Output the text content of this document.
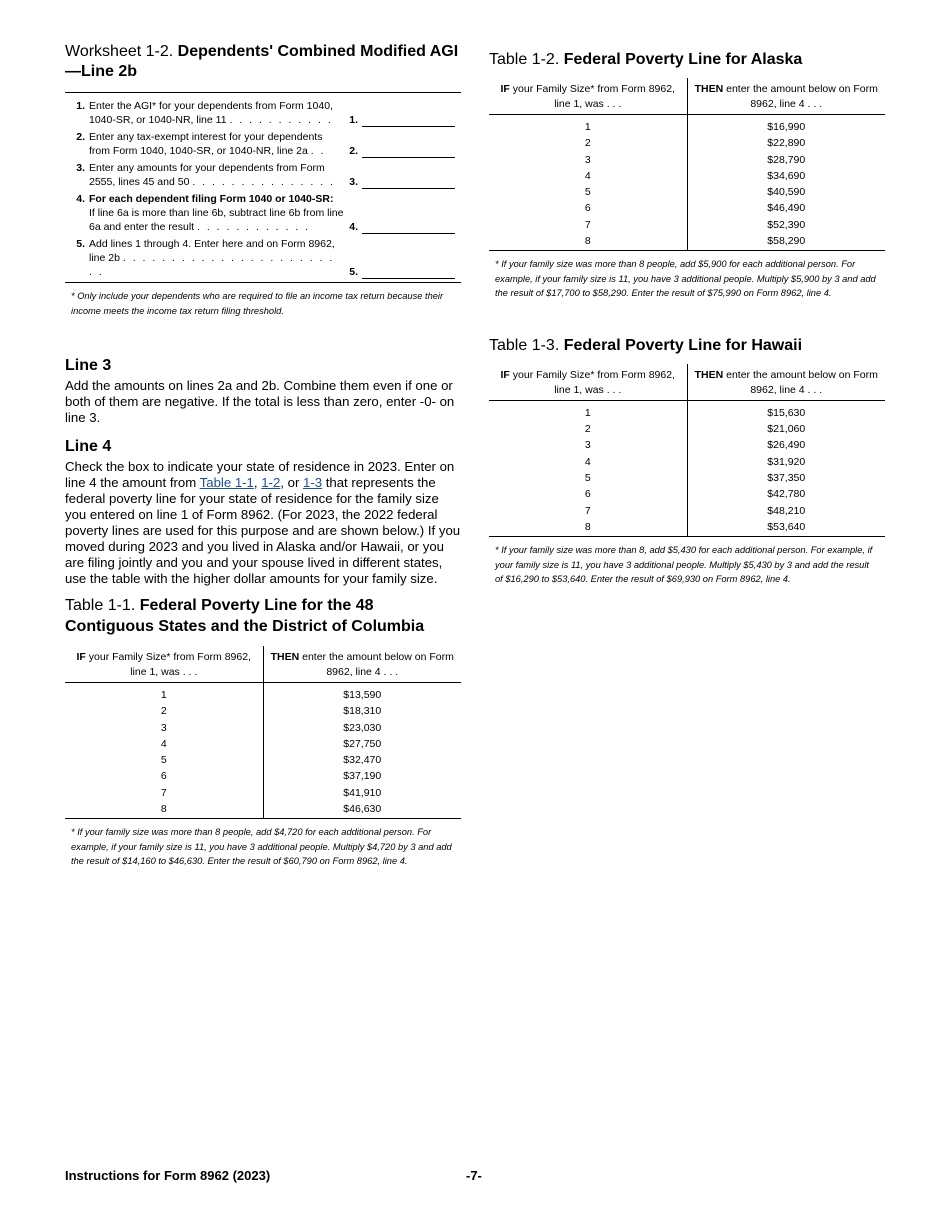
Worksheet 1-2. Dependents' Combined Modified AGI—Line 2b
1. Enter the AGI* for your dependents from Form 1040, 1040-SR, or 1040-NR, line 11 . . . . . . . . . . .	1.
2. Enter any tax-exempt interest for your dependents from Form 1040, 1040-SR, or 1040-NR, line 2a . .	2.
3. Enter any amounts for your dependents from Form 2555, lines 45 and 50 . . . . . . . . . . . . . . .	3.
4. For each dependent filing Form 1040 or 1040-SR:
If line 6a is more than line 6b, subtract line 6b from line 6a and enter the result . . . . . . . . . . . .	4.
5. Add lines 1 through 4. Enter here and on Form 8962, line 2b . . . . . . . . . . . . . . . . . . . . . . . .	5.
* Only include your dependents who are required to file an income tax return because their income meets the income tax return filing threshold.
Line 3

Add the amounts on lines 2a and 2b. Combine them even if one or both of them are negative. If the total is less than zero, enter -0- on line 3.

Line 4

Check the box to indicate your state of residence in 2023. Enter on line 4 the amount from Table 1-1, 1-2, or 1-3 that represents the federal poverty line for your state of residence for the family size you entered on line 1 of Form 8962. (For 2023, the 2022 federal poverty lines are used for this purpose and are shown below.) If you moved during 2023 and you lived in Alaska and/or Hawaii, or you are filing jointly and you and your spouse lived in different states, use the table with the higher dollar amounts for your family size.

Table 1-1. Federal Poverty Line for the 48 Contiguous States and the District of Columbia
IF your Family Size* from Form 8962, line 1, was . . .	THEN enter the amount below on Form 8962, line 4 . . .
1	$13,590
2	$18,310
3	$23,030
4	$27,750
5	$32,470
6	$37,190
7	$41,910
8	$46,630
* If your family size was more than 8 people, add $4,720 for each additional person. For example, if your family size is 11, you have 3 additional people. Multiply $4,720 by 3 and add the result of $14,160 to $46,630. Enter the result of $60,790 on Form 8962, line 4.
Table 1-2. Federal Poverty Line for Alaska
IF your Family Size* from Form 8962, line 1, was . . .	THEN enter the amount below on Form 8962, line 4 . . .
1	$16,990
2	$22,890
3	$28,790
4	$34,690
5	$40,590
6	$46,490
7	$52,390
8	$58,290
* If your family size was more than 8 people, add $5,900 for each additional person. For example, if your family size is 11, you have 3 additional people. Multiply $5,900 by 3 and add the result of $17,700 to $58,290. Enter the result of $75,990 on Form 8962, line 4.
Table 1-3. Federal Poverty Line for Hawaii
IF your Family Size* from Form 8962, line 1, was . . .	THEN enter the amount below on Form 8962, line 4 . . .
1	$15,630
2	$21,060
3	$26,490
4	$31,920
5	$37,350
6	$42,780
7	$48,210
8	$53,640
* If your family size was more than 8, add $5,430 for each additional person. For example, if your family size is 11, you have 3 additional people. Multiply $5,430 by 3 and add the result of $16,290 to $53,640. Enter the result of $69,930 on Form 8962, line 4.
Instructions for Form 8962 (2023)	-7-
